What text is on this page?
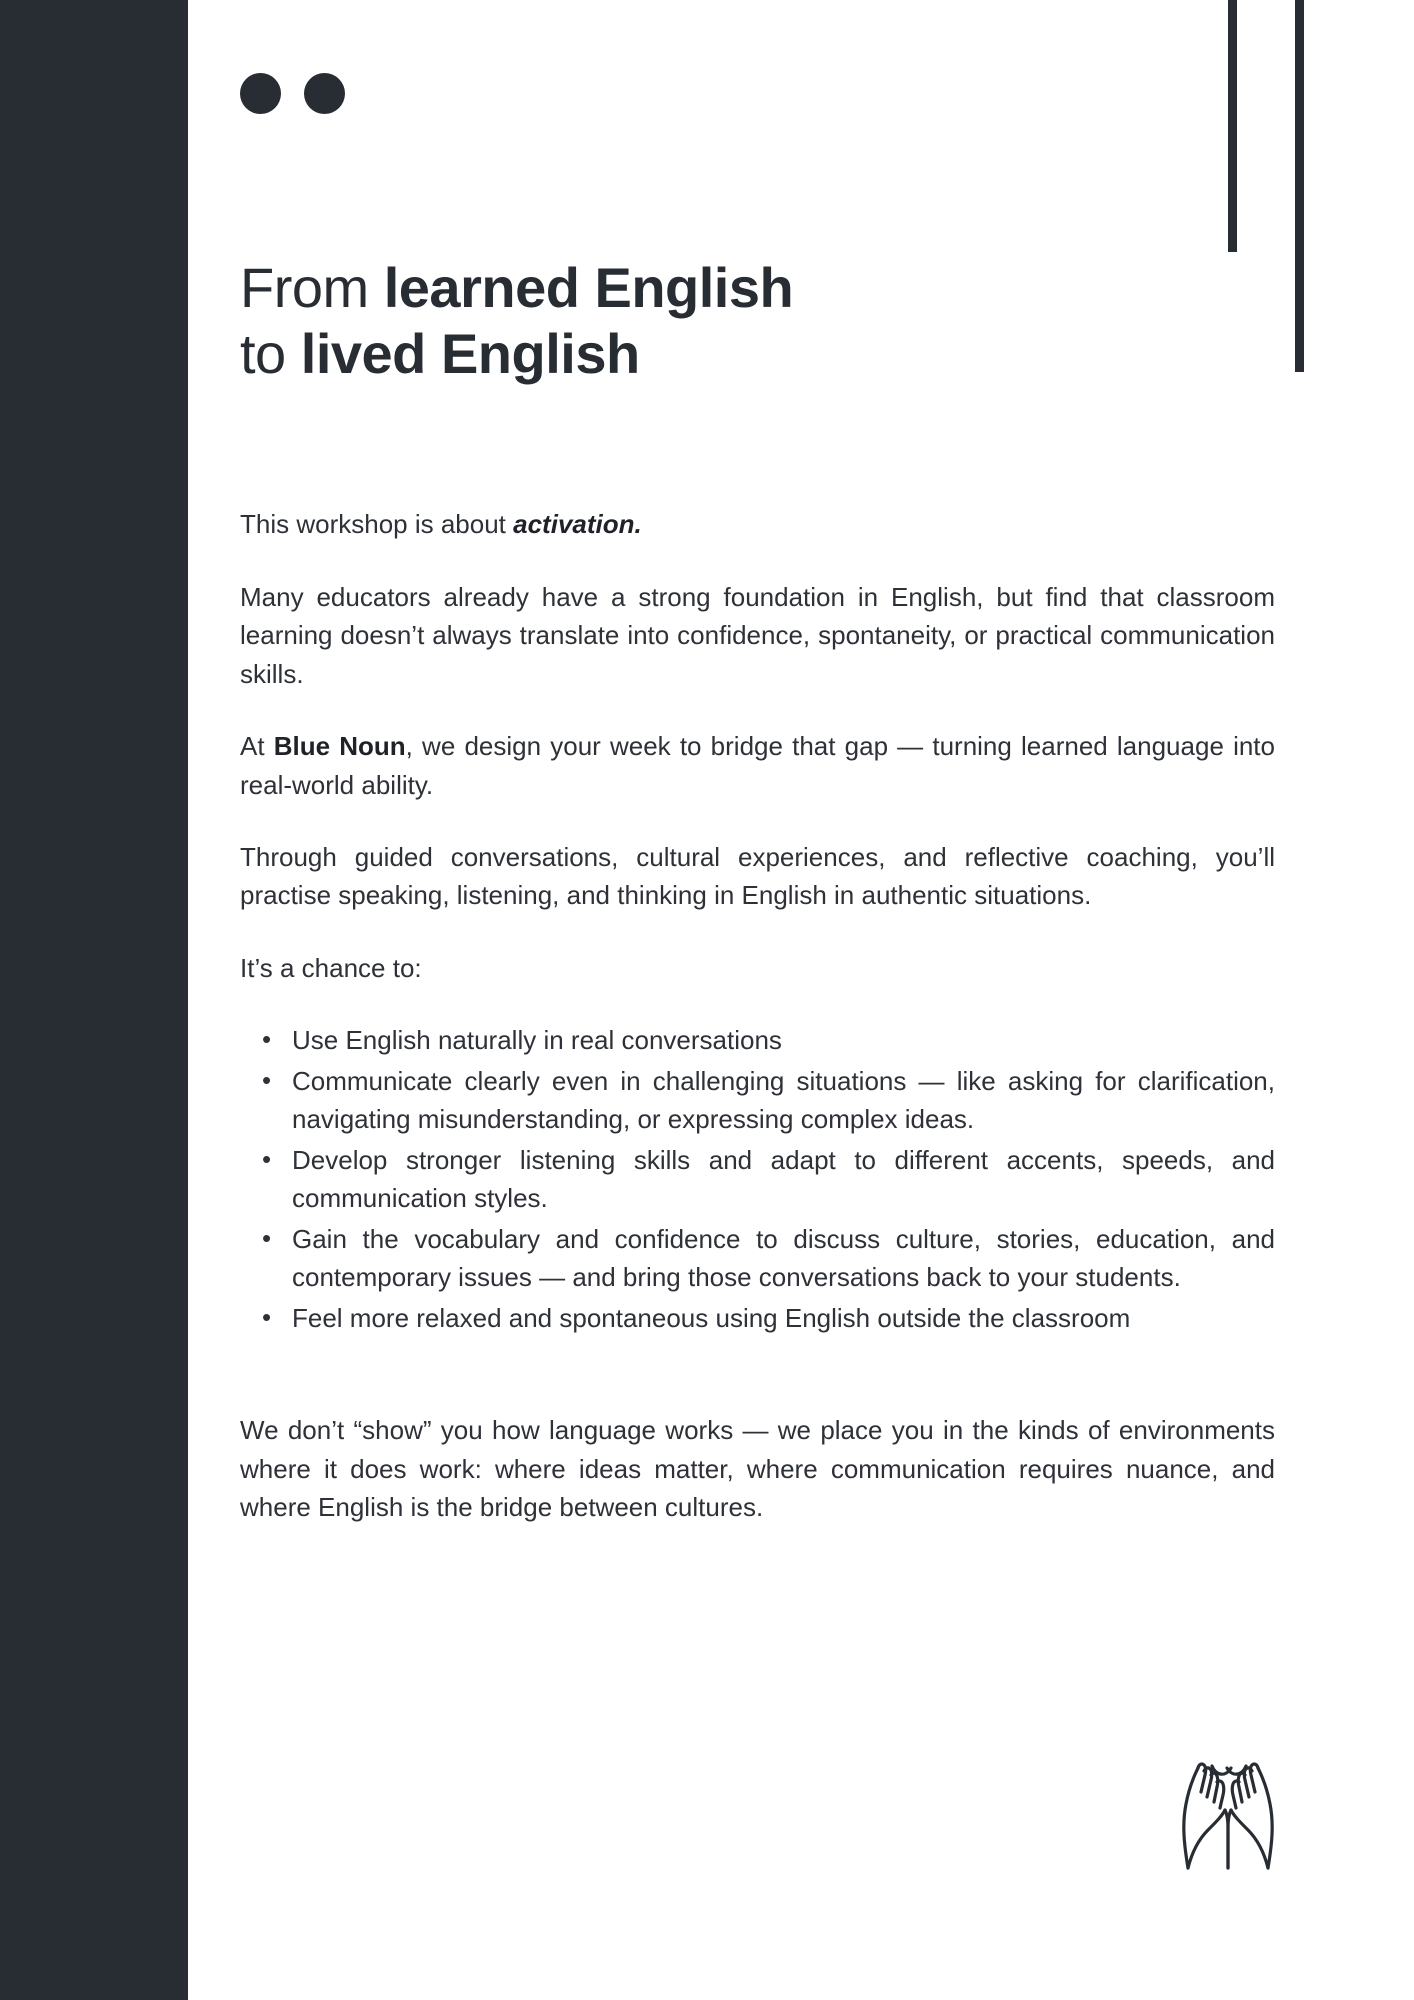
From learned English
to lived English

This workshop is about activation.

Many educators already have a strong foundation in English, but find that classroom learning doesn’t always translate into confidence, spontaneity, or practical communication skills.

At Blue Noun, we design your week to bridge that gap — turning learned language into real-world ability.

Through guided conversations, cultural experiences, and reflective coaching, you’ll practise speaking, listening, and thinking in English in authentic situations.

It’s a chance to:

• Use English naturally in real conversations
• Communicate clearly even in challenging situations — like asking for clarification, navigating misunderstanding, or expressing complex ideas.
• Develop stronger listening skills and adapt to different accents, speeds, and communication styles.
• Gain the vocabulary and confidence to discuss culture, stories, education, and contemporary issues — and bring those conversations back to your students.
• Feel more relaxed and spontaneous using English outside the classroom

We don’t “show” you how language works — we place you in the kinds of environments where it does work: where ideas matter, where communication requires nuance, and where English is the bridge between cultures.
